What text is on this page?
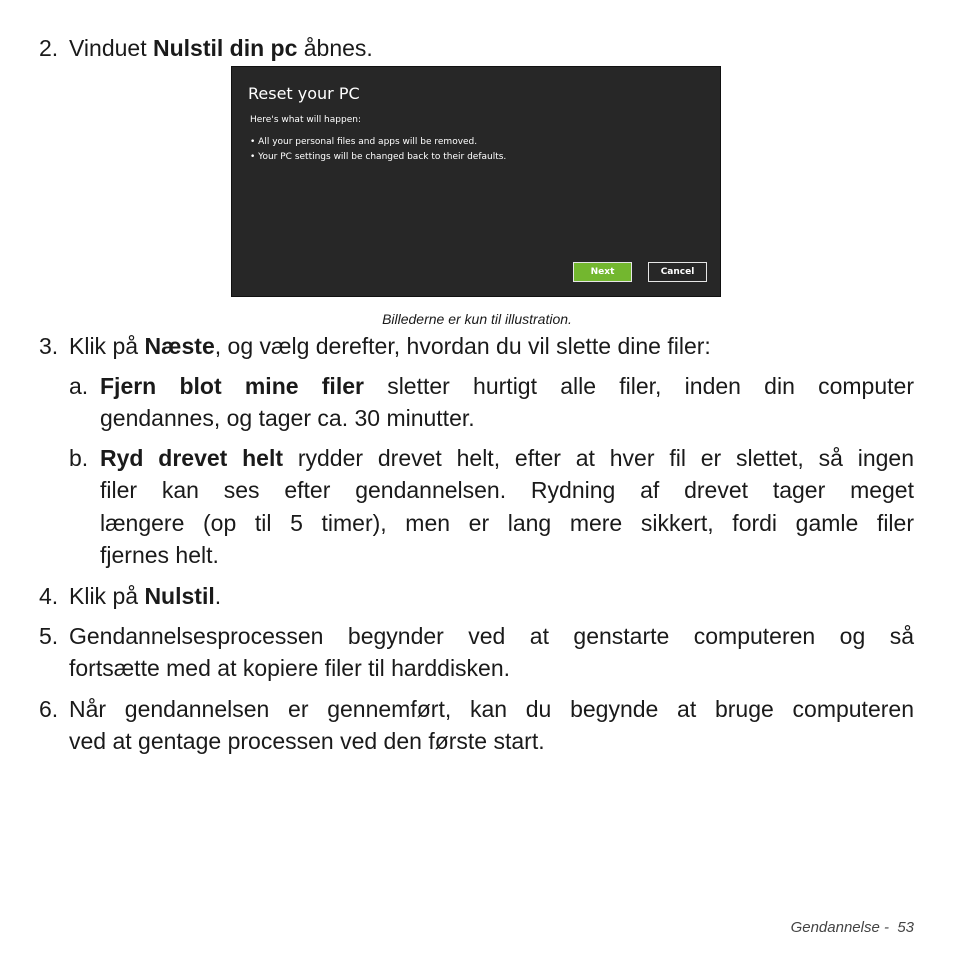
2. Vinduet Nulstil din pc åbnes.
Reset your PC
Here's what will happen:
• All your personal files and apps will be removed.
• Your PC settings will be changed back to their defaults.
Next	Cancel
Billederne er kun til illustration.
3. Klik på Næste, og vælg derefter, hvordan du vil slette dine filer:
a. Fjern blot mine filer sletter hurtigt alle filer, inden din computer
gendannes, og tager ca. 30 minutter.
b. Ryd drevet helt rydder drevet helt, efter at hver fil er slettet, så ingen
filer kan ses efter gendannelsen. Rydning af drevet tager meget
længere (op til 5 timer), men er lang mere sikkert, fordi gamle filer
fjernes helt.
4. Klik på Nulstil.
5. Gendannelsesprocessen begynder ved at genstarte computeren og så
fortsætte med at kopiere filer til harddisken.
6. Når gendannelsen er gennemført, kan du begynde at bruge computeren
ved at gentage processen ved den første start.
Gendannelse - 53
